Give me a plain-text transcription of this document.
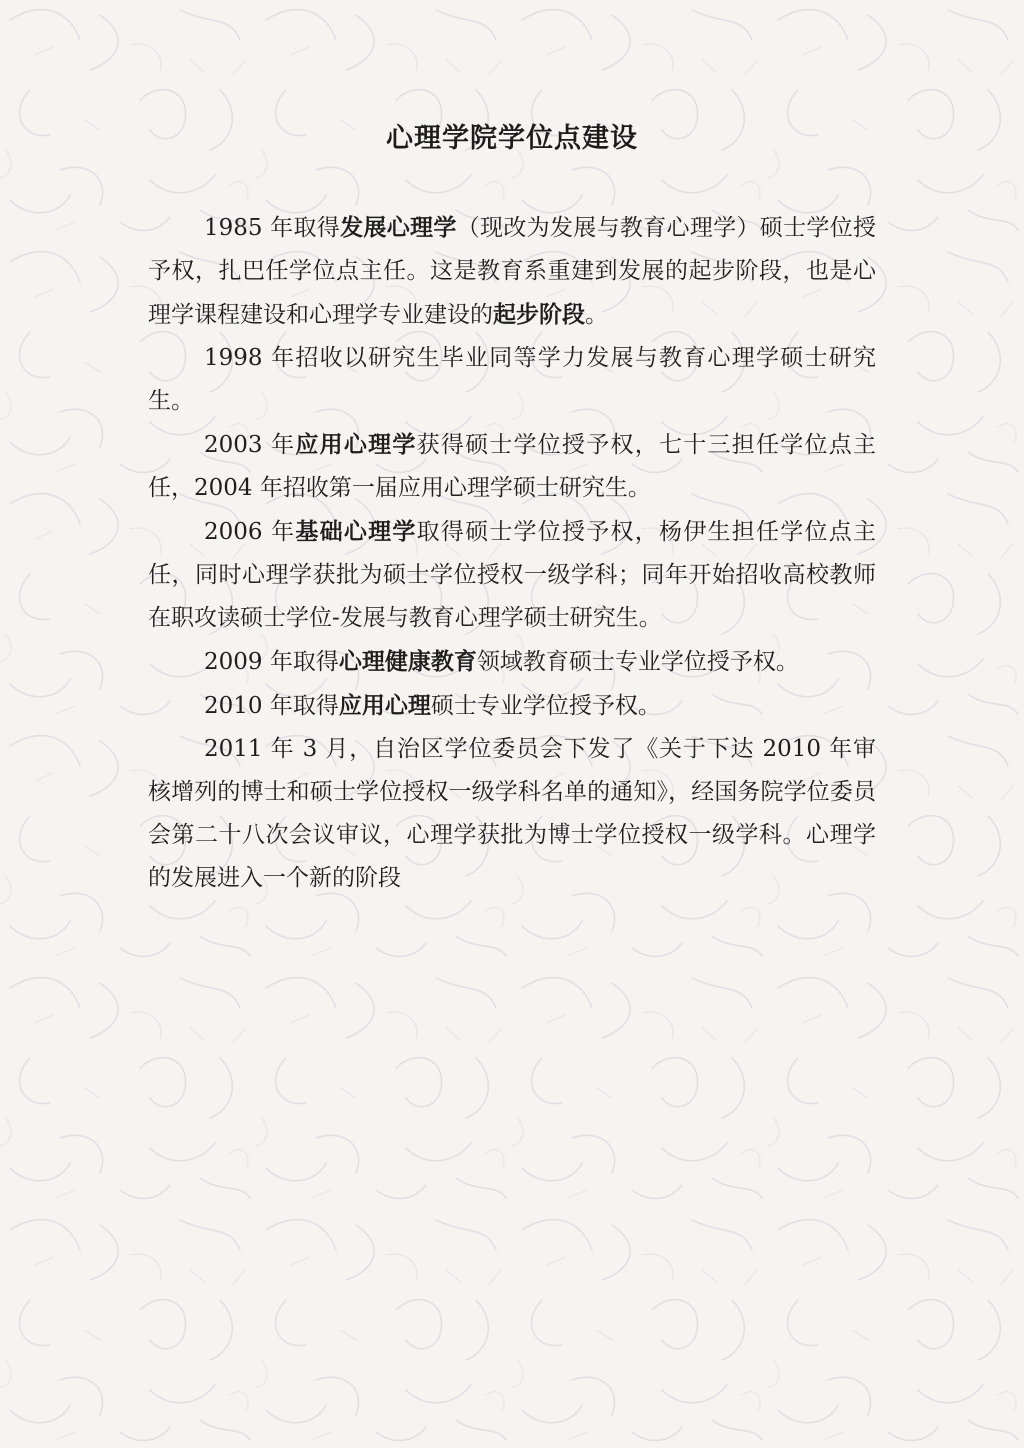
心理学院学位点建设

1985 年取得发展心理学（现改为发展与教育心理学）硕士学位授予权，扎巴任学位点主任。这是教育系重建到发展的起步阶段，也是心理学课程建设和心理学专业建设的起步阶段。

1998 年招收以研究生毕业同等学力发展与教育心理学硕士研究生。

2003 年应用心理学获得硕士学位授予权，七十三担任学位点主任，2004 年招收第一届应用心理学硕士研究生。

2006 年基础心理学取得硕士学位授予权，杨伊生担任学位点主任，同时心理学获批为硕士学位授权一级学科；同年开始招收高校教师在职攻读硕士学位-发展与教育心理学硕士研究生。

2009 年取得心理健康教育领域教育硕士专业学位授予权。

2010 年取得应用心理硕士专业学位授予权。

2011 年 3 月，自治区学位委员会下发了《关于下达 2010 年审核增列的博士和硕士学位授权一级学科名单的通知》，经国务院学位委员会第二十八次会议审议，心理学获批为博士学位授权一级学科。心理学的发展进入一个新的阶段
